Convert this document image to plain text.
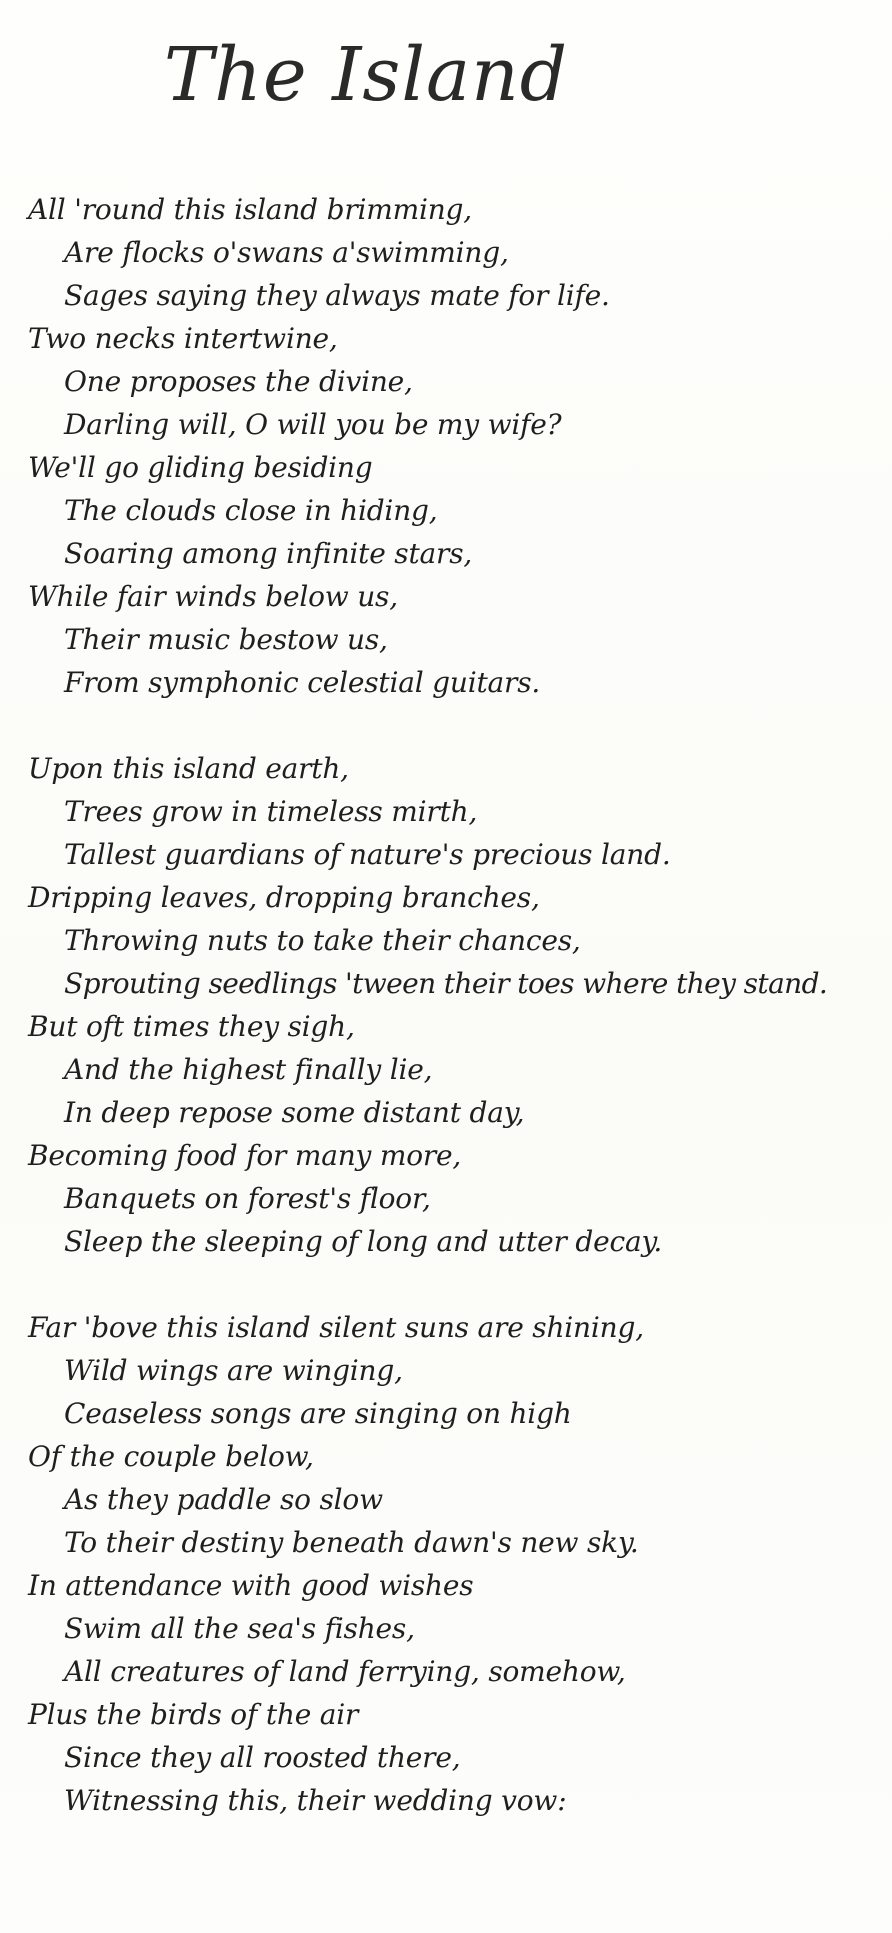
The Island
All 'round this island brimming,
Are flocks o'swans a'swimming,
Sages saying they always mate for life.
Two necks intertwine,
One proposes the divine,
Darling will, O will you be my wife?
We'll go gliding besiding
The clouds close in hiding,
Soaring among infinite stars,
While fair winds below us,
Their music bestow us,
From symphonic celestial guitars.
Upon this island earth,
Trees grow in timeless mirth,
Tallest guardians of nature's precious land.
Dripping leaves, dropping branches,
Throwing nuts to take their chances,
Sprouting seedlings 'tween their toes where they stand.
But oft times they sigh,
And the highest finally lie,
In deep repose some distant day,
Becoming food for many more,
Banquets on forest's floor,
Sleep the sleeping of long and utter decay.
Far 'bove this island silent suns are shining,
Wild wings are winging,
Ceaseless songs are singing on high
Of the couple below,
As they paddle so slow
To their destiny beneath dawn's new sky.
In attendance with good wishes
Swim all the sea's fishes,
All creatures of land ferrying, somehow,
Plus the birds of the air
Since they all roosted there,
Witnessing this, their wedding vow:
